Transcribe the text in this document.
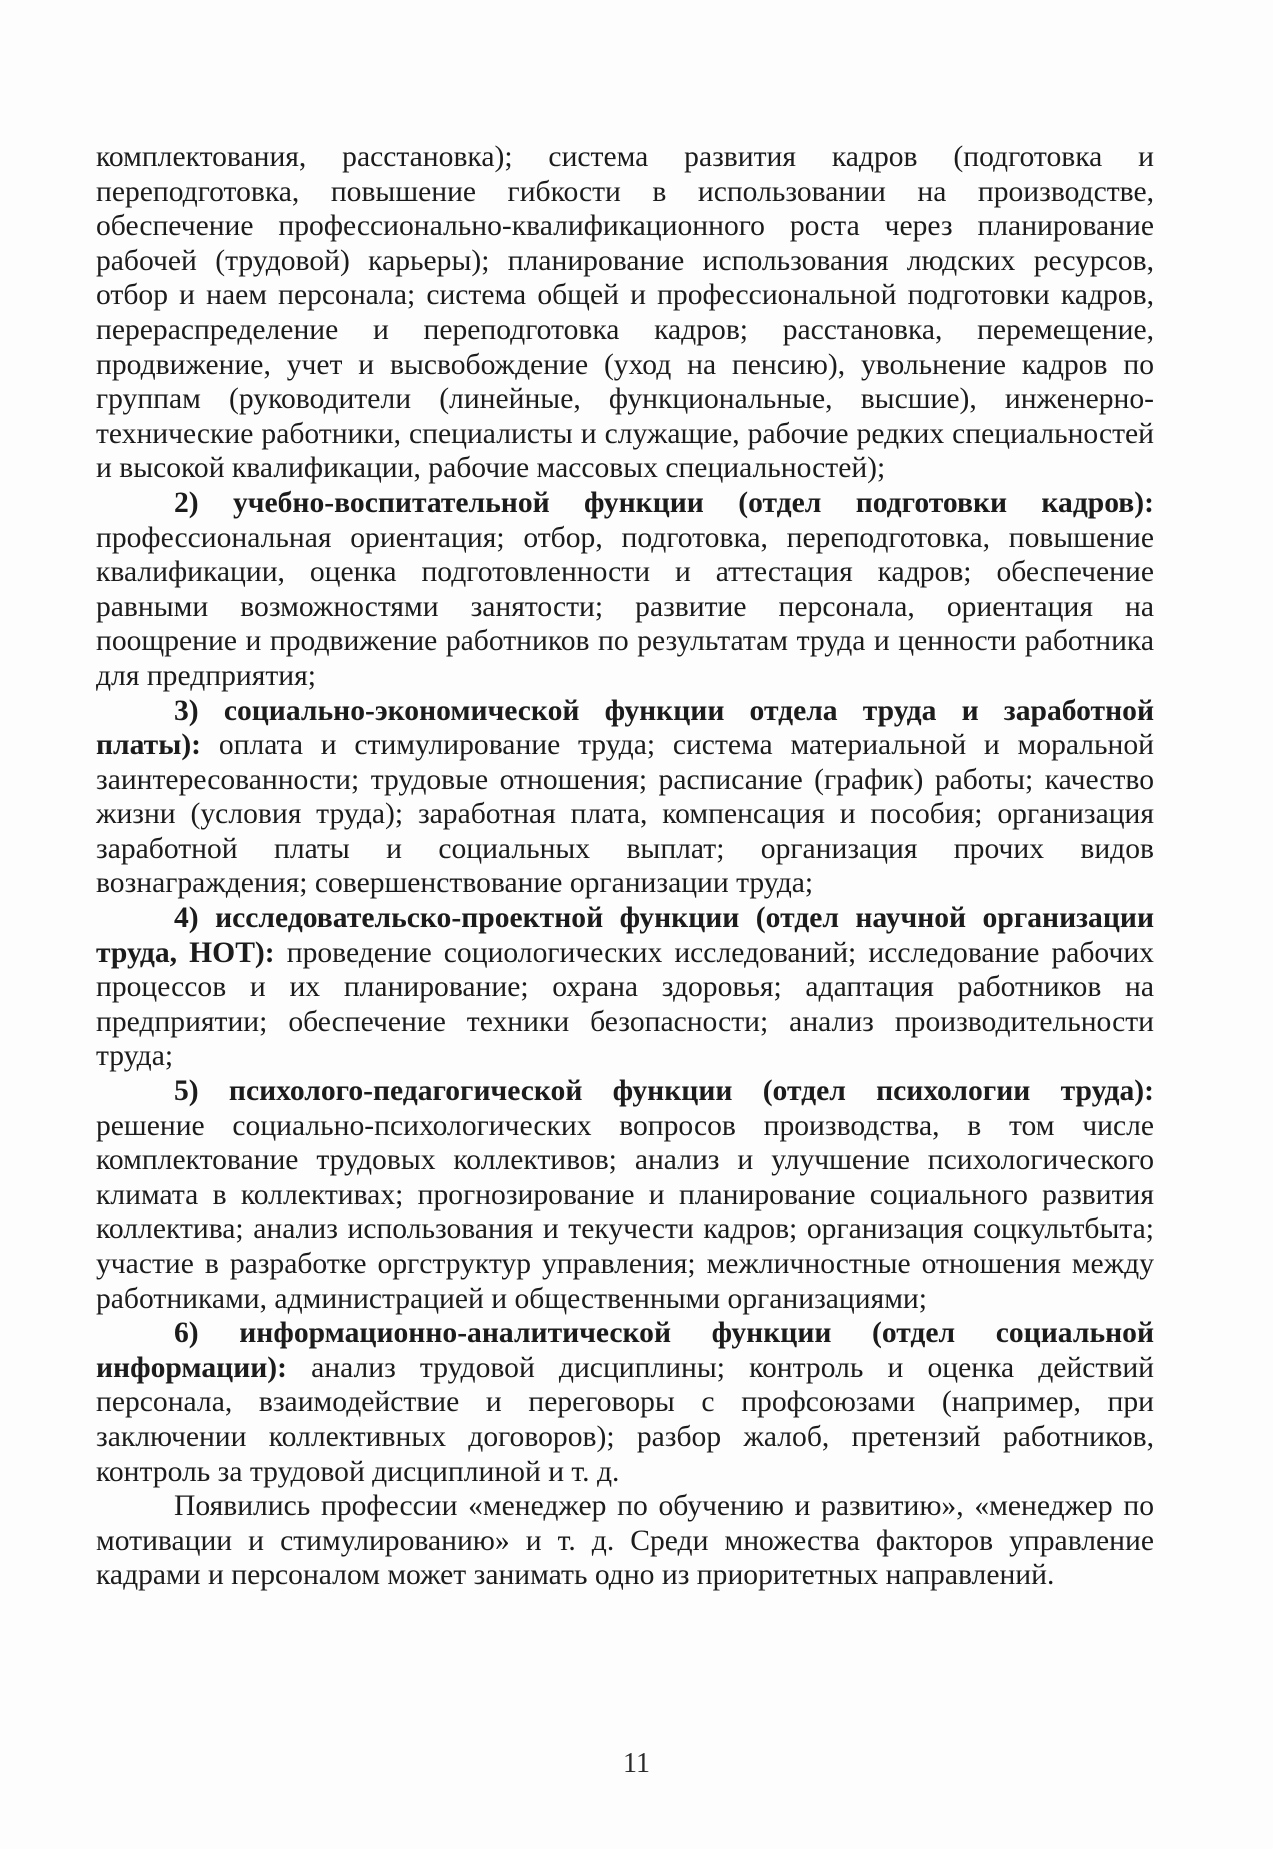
комплектования, расстановка); система развития кадров (подготовка и переподготовка, повышение гибкости в использовании на производстве, обеспечение профессионально-квалификационного роста через планирование рабочей (трудовой) карьеры); планирование использования людских ресурсов, отбор и наем персонала; система общей и профессиональной подготовки кадров, перераспределение и переподготовка кадров; расстановка, перемещение, продвижение, учет и высвобождение (уход на пенсию), увольнение кадров по группам (руководители (линейные, функциональные, высшие), инженерно-технические работники, специалисты и служащие, рабочие редких специальностей и высокой квалификации, рабочие массовых специальностей);

2) учебно-воспитательной функции (отдел подготовки кадров): профессиональная ориентация; отбор, подготовка, переподготовка, повышение квалификации, оценка подготовленности и аттестация кадров; обеспечение равными возможностями занятости; развитие персонала, ориентация на поощрение и продвижение работников по результатам труда и ценности работника для предприятия;

3) социально-экономической функции отдела труда и заработной платы): оплата и стимулирование труда; система материальной и моральной заинтересованности; трудовые отношения; расписание (график) работы; качество жизни (условия труда); заработная плата, компенсация и пособия; организация заработной платы и социальных выплат; организация прочих видов вознаграждения; совершенствование организации труда;

4) исследовательско-проектной функции (отдел научной организации труда, НОТ): проведение социологических исследований; исследование рабочих процессов и их планирование; охрана здоровья; адаптация работников на предприятии; обеспечение техники безопасности; анализ производительности труда;

5) психолого-педагогической функции (отдел психологии труда): решение социально-психологических вопросов производства, в том числе комплектование трудовых коллективов; анализ и улучшение психологического климата в коллективах; прогнозирование и планирование социального развития коллектива; анализ использования и текучести кадров; организация соцкультбыта; участие в разработке оргструктур управления; межличностные отношения между работниками, администрацией и общественными организациями;

6) информационно-аналитической функции (отдел социальной информации): анализ трудовой дисциплины; контроль и оценка действий персонала, взаимодействие и переговоры с профсоюзами (например, при заключении коллективных договоров); разбор жалоб, претензий работников, контроль за трудовой дисциплиной и т. д.

Появились профессии «менеджер по обучению и развитию», «менеджер по мотивации и стимулированию» и т. д. Среди множества факторов управление кадрами и персоналом может занимать одно из приоритетных направлений.

11
